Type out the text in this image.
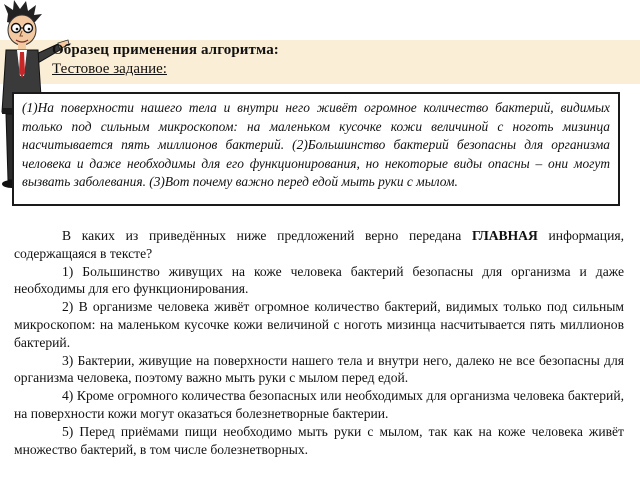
Образец применения алгоритма:
Тестовое задание:

(1)На поверхности нашего тела и внутри него живёт огромное количество бактерий, видимых только под сильным микроскопом: на маленьком кусочке кожи величиной с ноготь мизинца насчитывается пять миллионов бактерий. (2)Большинство бактерий безопасны для организма человека и даже необходимы для его функционирования, но некоторые виды опасны – они могут вызвать заболевания. (3)Вот почему важно перед едой мыть руки с мылом.

В каких из приведённых ниже предложений верно передана ГЛАВНАЯ информация, содержащаяся в тексте?

1) Большинство живущих на коже человека бактерий безопасны для организма и даже необходимы для его функционирования.

2) В организме человека живёт огромное количество бактерий, видимых только под сильным микроскопом: на маленьком кусочке кожи величиной с ноготь мизинца насчитывается пять миллионов бактерий.

3) Бактерии, живущие на поверхности нашего тела и внутри него, далеко не все безопасны для организма человека, поэтому важно мыть руки с мылом перед едой.

4) Кроме огромного количества безопасных или необходимых для организма человека бактерий, на поверхности кожи могут оказаться болезнетворные бактерии.

5) Перед приёмами пищи необходимо мыть руки с мылом, так как на коже человека живёт множество бактерий, в том числе болезнетворных.
